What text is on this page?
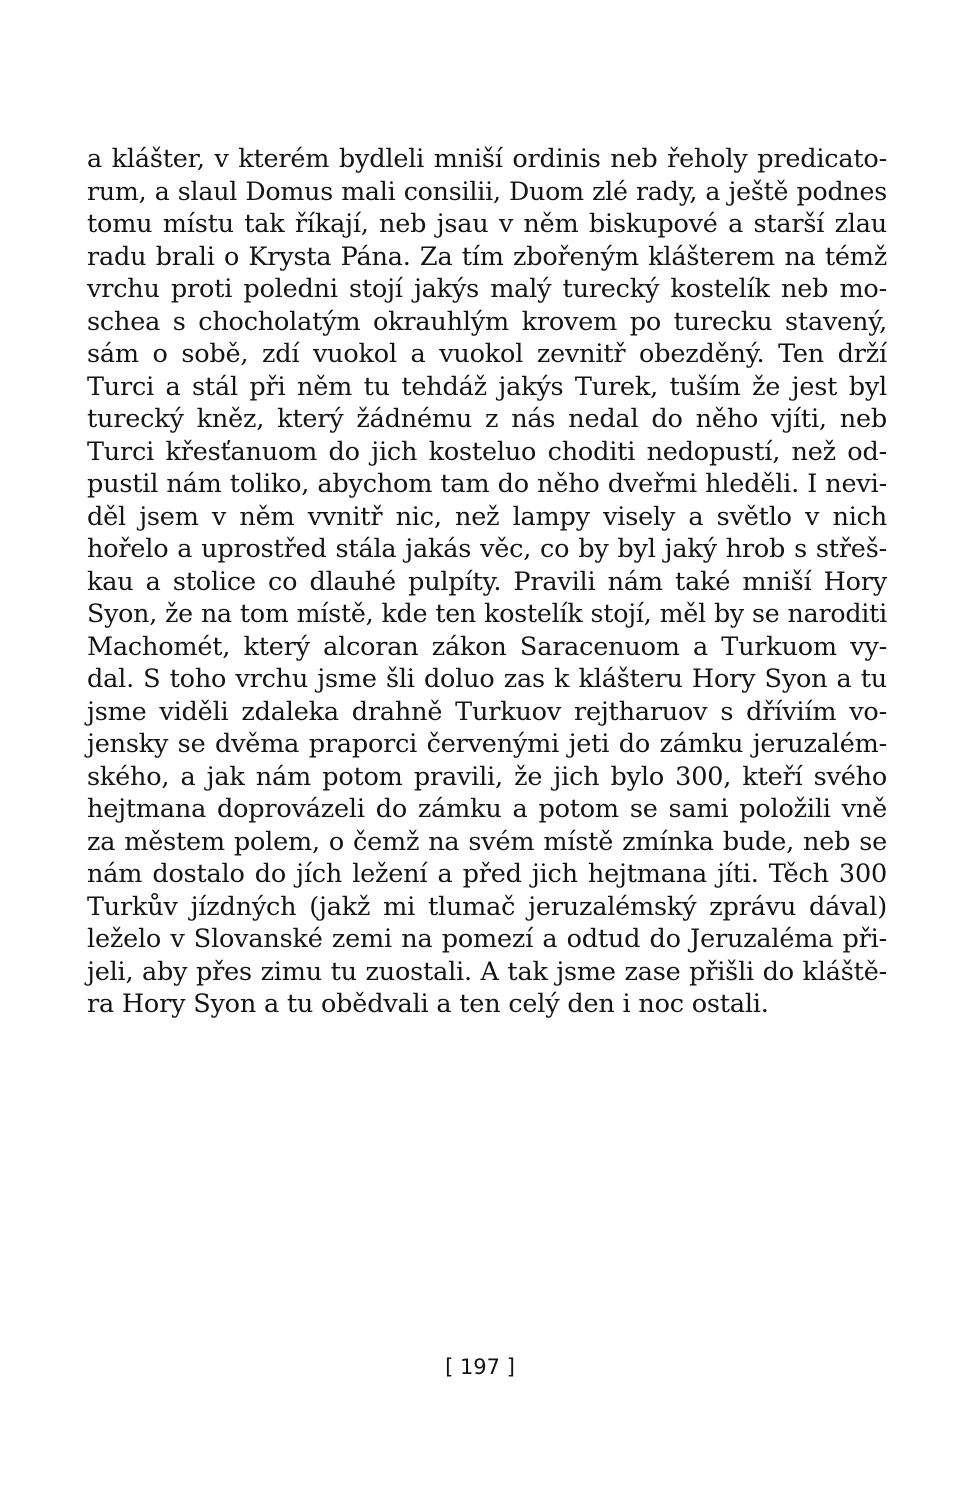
a klášter, v kterém bydleli mniší ordinis neb řeholy predicato-
rum, a slaul Domus mali consilii, Duom zlé rady, a ještě podnes
tomu místu tak říkají, neb jsau v něm biskupové a starší zlau
radu brali o Krysta Pána. Za tím zbořeným klášterem na témž
vrchu proti poledni stojí jakýs malý turecký kostelík neb mo-
schea s chocholatým okrauhlým krovem po turecku stavený,
sám o sobě, zdí vuokol a vuokol zevnitř obezděný. Ten drží
Turci a stál při něm tu tehdáž jakýs Turek, tuším že jest byl
turecký kněz, který žádnému z nás nedal do něho vjíti, neb
Turci křesťanuom do jich kosteluo choditi nedopustí, než od-
pustil nám toliko, abychom tam do něho dveřmi hleděli. I nevi-
děl jsem v něm vvnitř nic, než lampy visely a světlo v nich
hořelo a uprostřed stála jakás věc, co by byl jaký hrob s střeš-
kau a stolice co dlauhé pulpíty. Pravili nám také mniší Hory
Syon, že na tom místě, kde ten kostelík stojí, měl by se naroditi
Machomét, který alcoran zákon Saracenuom a Turkuom vy-
dal. S toho vrchu jsme šli doluo zas k klášteru Hory Syon a tu
jsme viděli zdaleka drahně Turkuov rejtharuov s dříviím vo-
jensky se dvěma praporci červenými jeti do zámku jeruzalém-
ského, a jak nám potom pravili, že jich bylo 300, kteří svého
hejtmana doprovázeli do zámku a potom se sami položili vně
za městem polem, o čemž na svém místě zmínka bude, neb se
nám dostalo do jích ležení a před jich hejtmana jíti. Těch 300
Turkův jízdných (jakž mi tlumač jeruzalémský zprávu dával)
leželo v Slovanské zemi na pomezí a odtud do Jeruzaléma při-
jeli, aby přes zimu tu zuostali. A tak jsme zase přišli do kláště-
ra Hory Syon a tu obědvali a ten celý den i noc ostali.
[ 197 ]
